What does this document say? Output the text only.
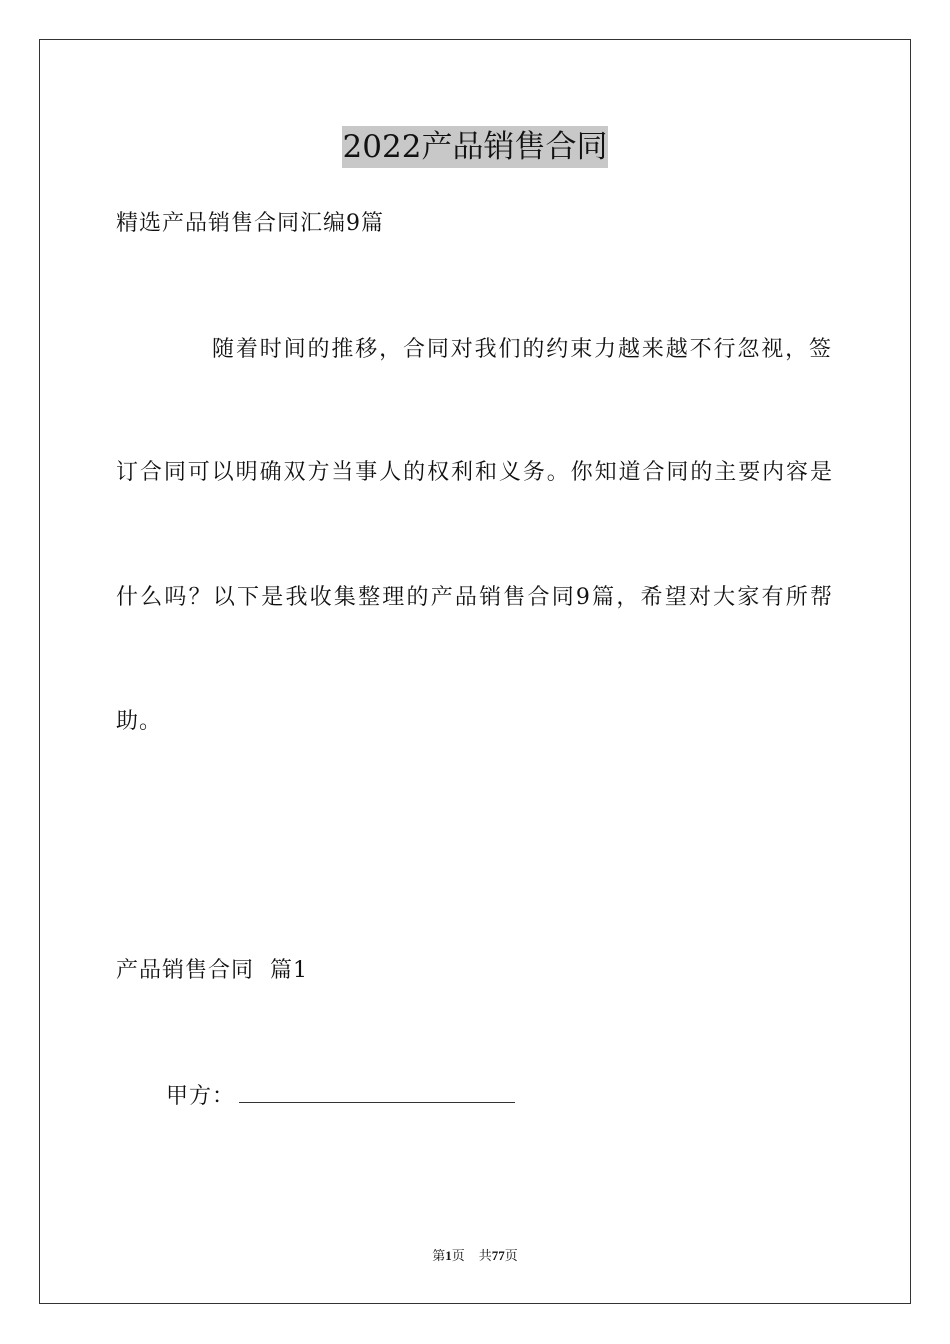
2022产品销售合同
精选产品销售合同汇编9篇
随着时间的推移，合同对我们的约束力越来越不行忽视，签
订合同可以明确双方当事人的权利和义务。你知道合同的主要内容是
什么吗？以下是我收集整理的产品销售合同9篇，希望对大家有所帮
助。
产品销售合同  篇1
甲方：
第1页 共77页
